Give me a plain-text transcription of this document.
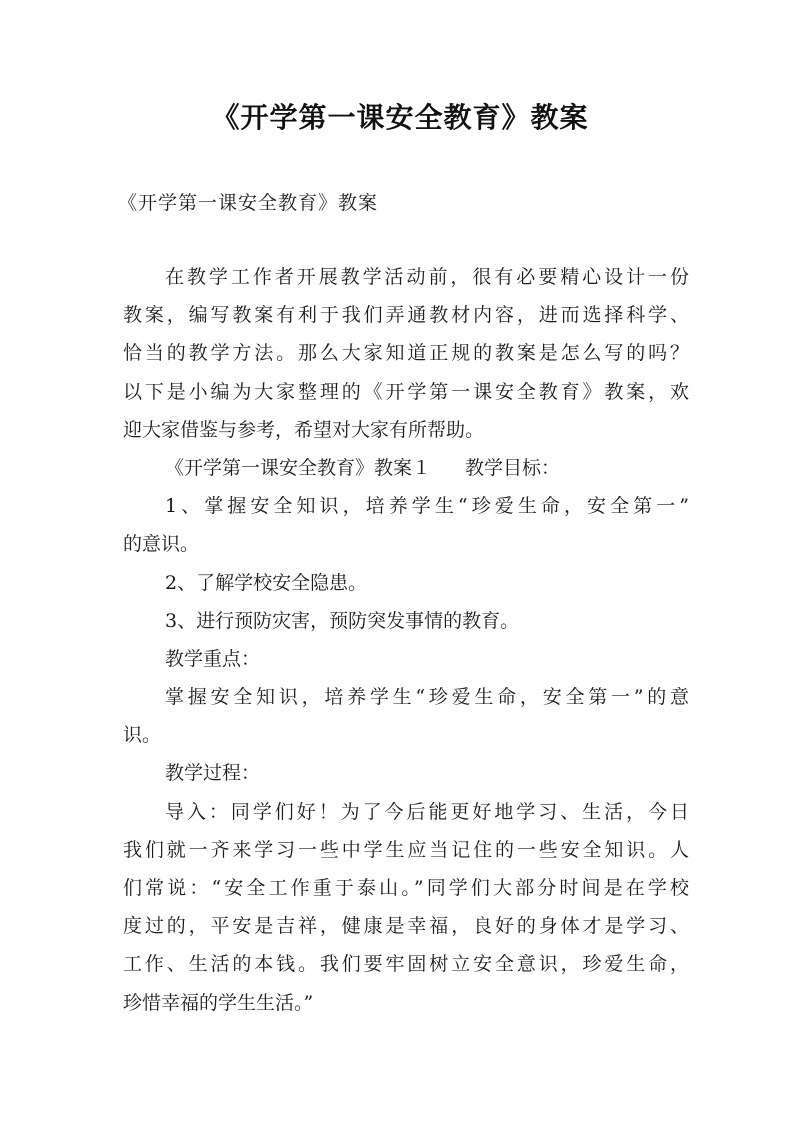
《开学第一课安全教育》教案
《开学第一课安全教育》教案
在教学工作者开展教学活动前，很有必要精心设计一份
教案，编写教案有利于我们弄通教材内容，进而选择科学、
恰当的教学方法。那么大家知道正规的教案是怎么写的吗？
以下是小编为大家整理的《开学第一课安全教育》教案，欢
迎大家借鉴与参考，希望对大家有所帮助。
《开学第一课安全教育》教案１ 教学目标：
1、掌握安全知识，培养学生“珍爱生命，安全第一”
的意识。
2、了解学校安全隐患。
3、进行预防灾害，预防突发事情的教育。
教学重点：
掌握安全知识，培养学生“珍爱生命，安全第一”的意
识。
教学过程：
导入：同学们好！为了今后能更好地学习、生活，今日
我们就一齐来学习一些中学生应当记住的一些安全知识。人
们常说：“安全工作重于泰山。”同学们大部分时间是在学校
度过的，平安是吉祥，健康是幸福，良好的身体才是学习、
工作、生活的本钱。我们要牢固树立安全意识，珍爱生命，
珍惜幸福的学生生活。”
